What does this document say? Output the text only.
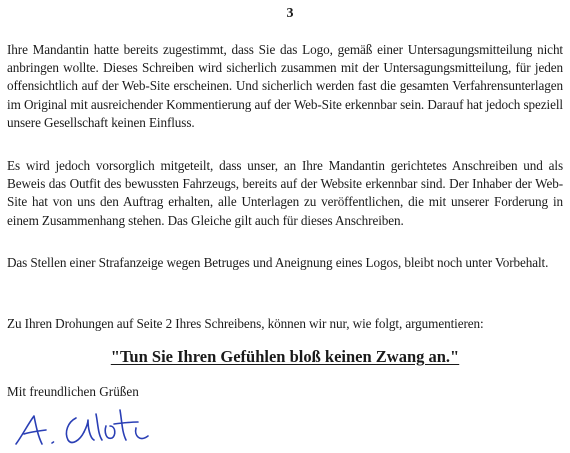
3

Ihre Mandantin hatte bereits zugestimmt, dass Sie das Logo, gemäß einer Untersagungsmitteilung nicht anbringen wollte. Dieses Schreiben wird sicherlich zusammen mit der Untersagungsmitteilung, für jeden offensichtlich auf der Web-Site erscheinen. Und sicherlich werden fast die gesamten Verfahrensunterlagen im Original mit ausreichender Kommentierung auf der Web-Site erkennbar sein. Darauf hat jedoch speziell unsere Gesellschaft keinen Einfluss.

Es wird jedoch vorsorglich mitgeteilt, dass unser, an Ihre Mandantin gerichtetes Anschreiben und als Beweis das Outfit des bewussten Fahrzeugs, bereits auf der Website erkennbar sind. Der Inhaber der Web-Site hat von uns den Auftrag erhalten, alle Unterlagen zu veröffentlichen, die mit unserer Forderung in einem Zusammenhang stehen. Das Gleiche gilt auch für dieses Anschreiben.

Das Stellen einer Strafanzeige wegen Betruges und Aneignung eines Logos, bleibt noch unter Vorbehalt.

Zu Ihren Drohungen auf Seite 2 Ihres Schreibens, können wir nur, wie folgt, argumentieren:

"Tun Sie Ihren Gefühlen bloß keinen Zwang an."
Mit freundlichen Grüßen
